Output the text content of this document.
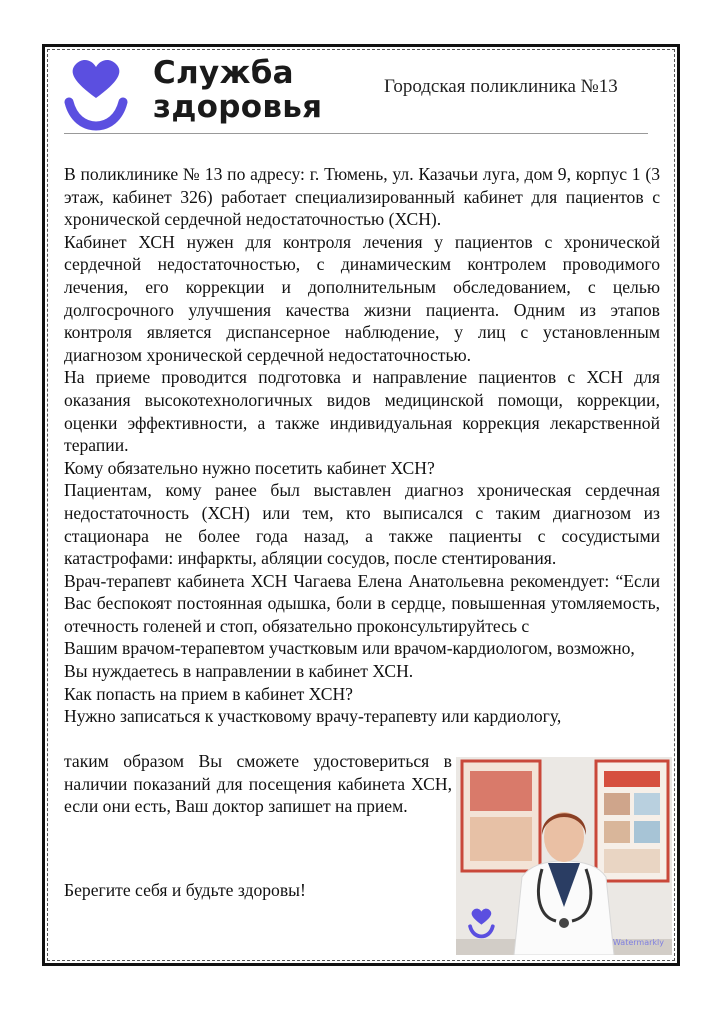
Служба
здоровья
Городская поликлиника №13

В поликлинике № 13 по адресу: г. Тюмень, ул. Казачьи луга, дом 9, корпус 1 (3 этаж, кабинет 326) работает специализированный кабинет для пациентов с хронической сердечной недостаточностью (ХСН).

Кабинет ХСН нужен для контроля лечения у пациентов с хронической сердечной недостаточностью, с динамическим контролем проводимого лечения, его коррекции и дополнительным обследованием, с целью долгосрочного улучшения качества жизни пациента. Одним из этапов контроля является диспансерное наблюдение, у лиц с установленным диагнозом хронической сердечной недостаточностью.

На приеме проводится подготовка и направление пациентов с ХСН для оказания высокотехнологичных видов медицинской помощи, коррекции, оценки эффективности, а также индивидуальная коррекция лекарственной терапии.

Кому обязательно нужно посетить кабинет ХСН?

Пациентам, кому ранее был выставлен диагноз хроническая сердечная недостаточность (ХСН) или тем, кто выписался с таким диагнозом из стационара не более года назад, а также пациенты с сосудистыми катастрофами: инфаркты, абляции сосудов, после стентирования.

Врач-терапевт кабинета ХСН Чагаева Елена Анатольевна рекомендует: “Если Вас беспокоят постоянная одышка, боли в сердце, повышенная утомляемость, отечность голеней и стоп, обязательно проконсультируйтесь с

Вашим врачом-терапевтом участковым или врачом-кардиологом, возможно, Вы нуждаетесь в направлении в кабинет ХСН.

Как попасть на прием в кабинет ХСН?

Нужно записаться к участковому врачу-терапевту или кардиологу,

таким образом Вы сможете удостовериться в наличии показаний для посещения кабинета ХСН, если они есть, Ваш доктор запишет на прием.
Берегите себя и будьте здоровы!
Watermarkly
